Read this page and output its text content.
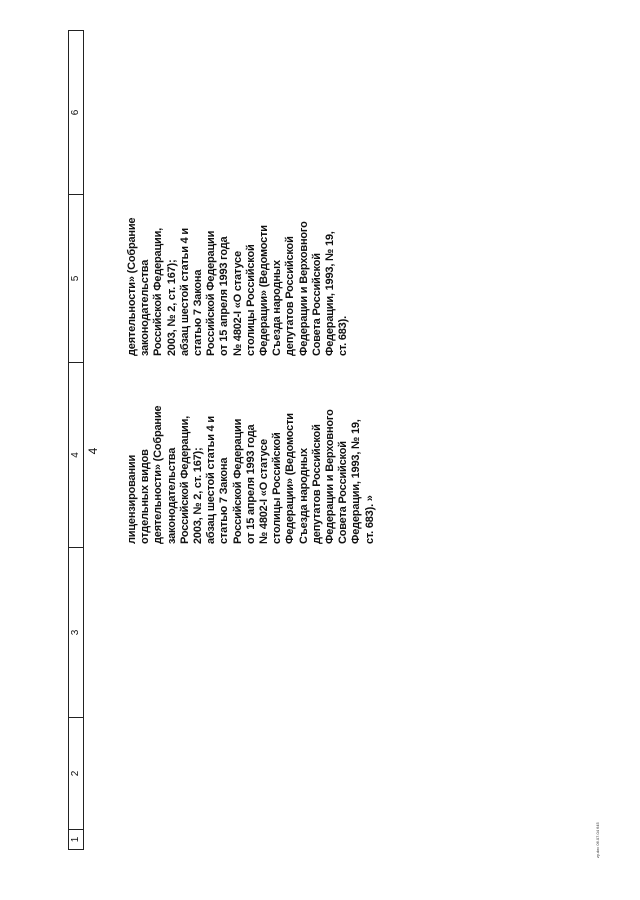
1
2
3
4
5
6
4
лицензировании отдельных видов деятельности» (Собрание законодательства Российской Федерации, 2003, № 2, ст. 167); абзац шестой статьи 4 и статью 7 Закона Российской Федерации от 15 апреля 1993 года № 4802-I «О статусе столицы Российской Федерации» (Ведомости Съезда народных депутатов Российской Федерации и Верховного Совета Российской Федерации, 1993, № 19, ст. 683). »
деятельности» (Собрание законодательства Российской Федерации, 2003, № 2, ст. 167); абзац шестой статьи 4 и статью 7 Закона Российской Федерации от 15 апреля 1993 года № 4802-I «О статусе столицы Российской Федерации» (Ведомости Съезда народных депутатов Российской Федерации и Верховного Совета Российской Федерации, 1993, № 19, ст. 683).
zy.doc 06.07.04 645
